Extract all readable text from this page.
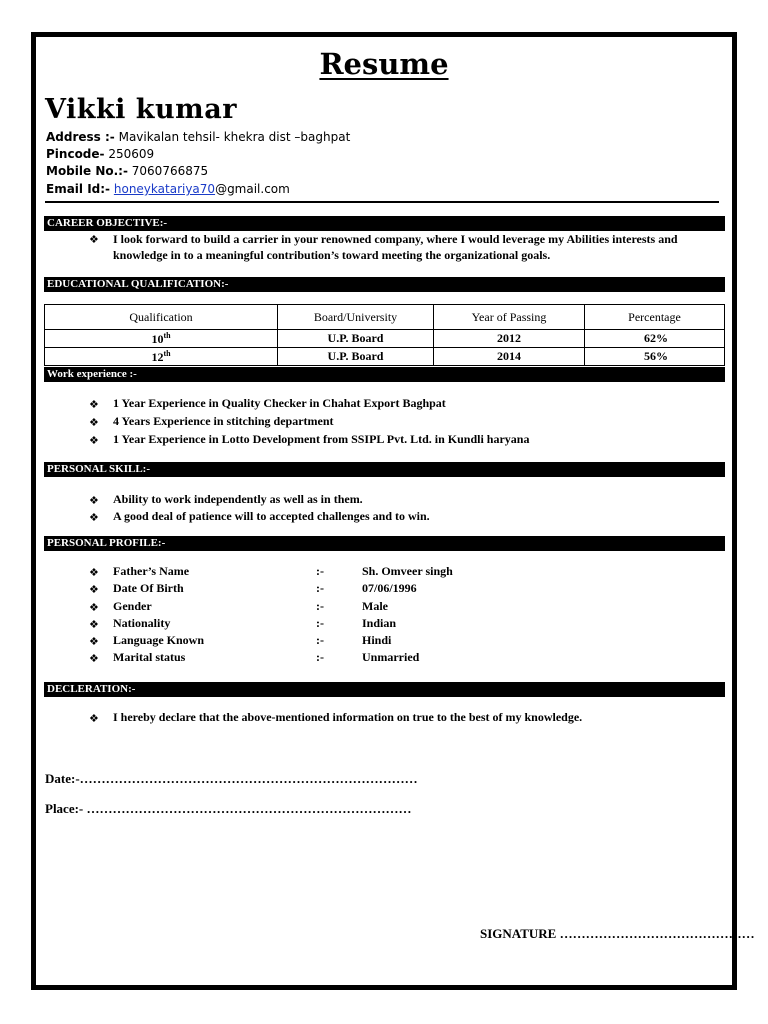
Resume
Vikki kumar
Address :- Mavikalan tehsil- khekra dist –baghpat
Pincode- 250609
Mobile No.:- 7060766875
Email Id:- honeykatariya70@gmail.com
CAREER OBJECTIVE:-
❖ I look forward to build a carrier in your renowned company, where I would leverage my Abilities interests and knowledge in to a meaningful contribution’s toward meeting the organizational goals.
EDUCATIONAL QUALIFICATION:-
Qualification	Board/University	Year of Passing	Percentage
10th	U.P. Board	2012	62%
12th	U.P. Board	2014	56%
Work experience :-
❖ 1 Year Experience in Quality Checker in Chahat Export Baghpat
❖ 4 Years Experience in stitching department
❖ 1 Year Experience in Lotto Development from SSIPL Pvt. Ltd. in Kundli haryana
PERSONAL SKILL:-
❖ Ability to work independently as well as in them.
❖ A good deal of patience will to accepted challenges and to win.
PERSONAL PROFILE:-
❖ Father’s Name	:-	Sh. Omveer singh
❖ Date Of Birth	:-	07/06/1996
❖ Gender	:-	Male
❖ Nationality	:-	Indian
❖ Language Known	:-	Hindi
❖ Marital status	:-	Unmarried
DECLERATION:-
❖ I hereby declare that the above-mentioned information on true to the best of my knowledge.
Date:-……………………………………………………………………
Place:- …………………………………………………………………
SIGNATURE ………………………………………
